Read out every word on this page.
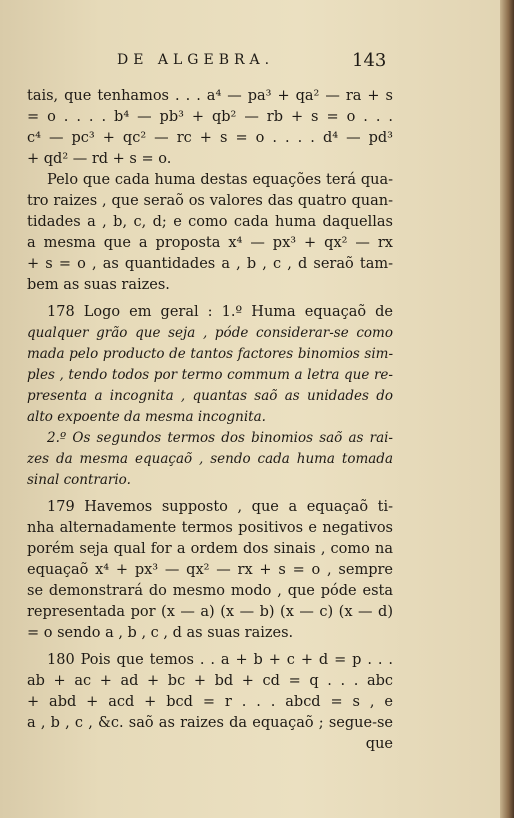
DE ALGEBRA.	143
tais, que tenhamos . . . a⁴ — pa³ + qa² — ra + s
= o . . . . b⁴ — pb³ + qb² — rb + s = o . . .
c⁴ — pc³ + qc² — rc + s = o . . . . d⁴ — pd³
+ qd² — rd + s = o.
Pelo que cada huma destas equações terá qua-
tro raizes , que seraõ os valores das quatro quan-
tidades a , b, c, d; e como cada huma daquellas
a mesma que a proposta x⁴ — px³ + qx² — rx
+ s = o , as quantidades a , b , c , d seraõ tam-
bem as suas raizes.
178 Logo em geral : 1.º Huma equaçaõ de
qualquer grão que seja , póde considerar-se como
mada pelo producto de tantos factores binomios sim-
ples , tendo todos por termo commum a letra que re-
presenta a incognita , quantas saõ as unidades do
alto expoente da mesma incognita.
2.º Os segundos termos dos binomios saõ as rai-
zes da mesma equaçaõ , sendo cada huma tomada
sinal contrario.
179 Havemos supposto , que a equaçaõ ti-
nha alternadamente termos positivos e negativos
porém seja qual for a ordem dos sinais , como na
equaçaõ x⁴ + px³ — qx² — rx + s = o , sempre
se demonstrará do mesmo modo , que póde esta
representada por (x — a) (x — b) (x — c) (x — d)
= o sendo a , b , c , d as suas raizes.
180 Pois que temos . . a + b + c + d = p . . .
ab + ac + ad + bc + bd + cd = q . . . abc
+ abd + acd + bcd = r . . . abcd = s , e
a , b , c , &c. saõ as raizes da equaçaõ ; segue-se
que
